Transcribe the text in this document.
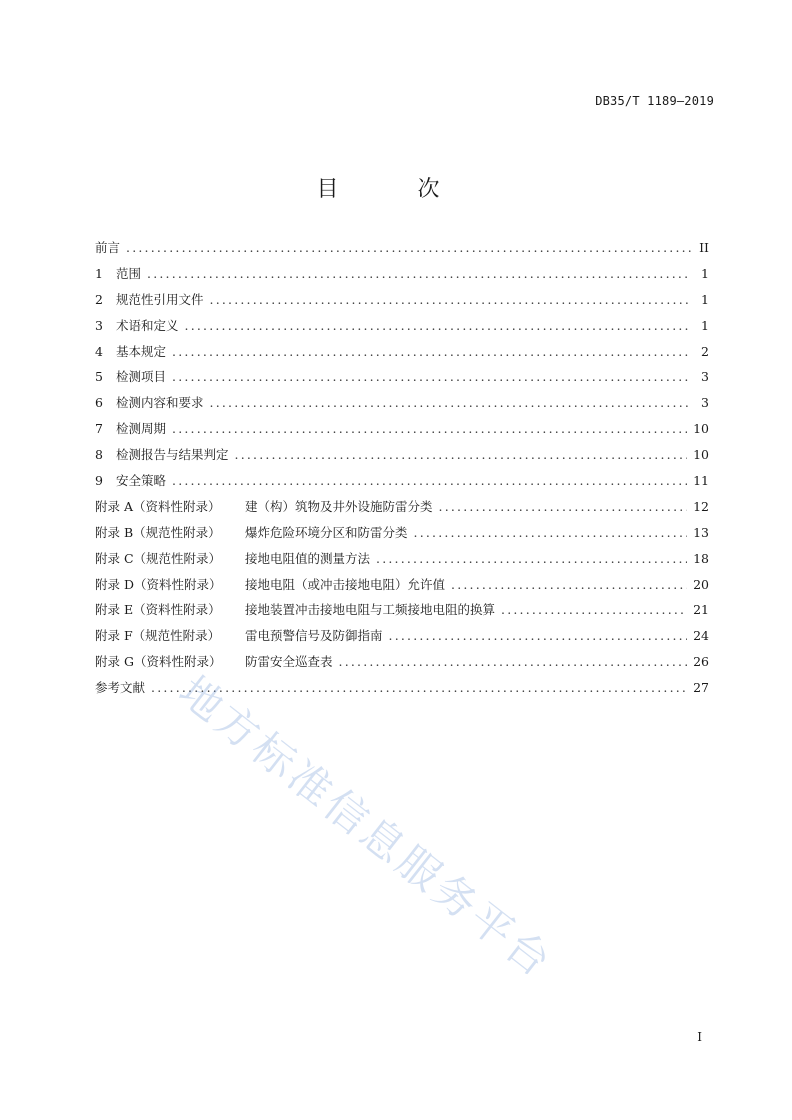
DB35/T 1189—2019
目 次
前言 .....	II
1	范围 .....	1
2	规范性引用文件 .....	1
3	术语和定义 .....	1
4	基本规定 .....	2
5	检测项目 .....	3
6	检测内容和要求 .....	3
7	检测周期 .....	10
8	检测报告与结果判定 .....	10
9	安全策略 .....	11
附录 A（资料性附录）	建（构）筑物及井外设施防雷分类 .....	12
附录 B（规范性附录）	爆炸危险环境分区和防雷分类 .....	13
附录 C（规范性附录）	接地电阻值的测量方法 .....	18
附录 D（资料性附录）	接地电阻（或冲击接地电阻）允许值 .....	20
附录 E（资料性附录）	接地装置冲击接地电阻与工频接地电阻的换算 .....	21
附录 F（规范性附录）	雷电预警信号及防御指南 .....	24
附录 G（资料性附录）	防雷安全巡查表 .....	26
参考文献 .....	27
地方标准信息服务平台
I
